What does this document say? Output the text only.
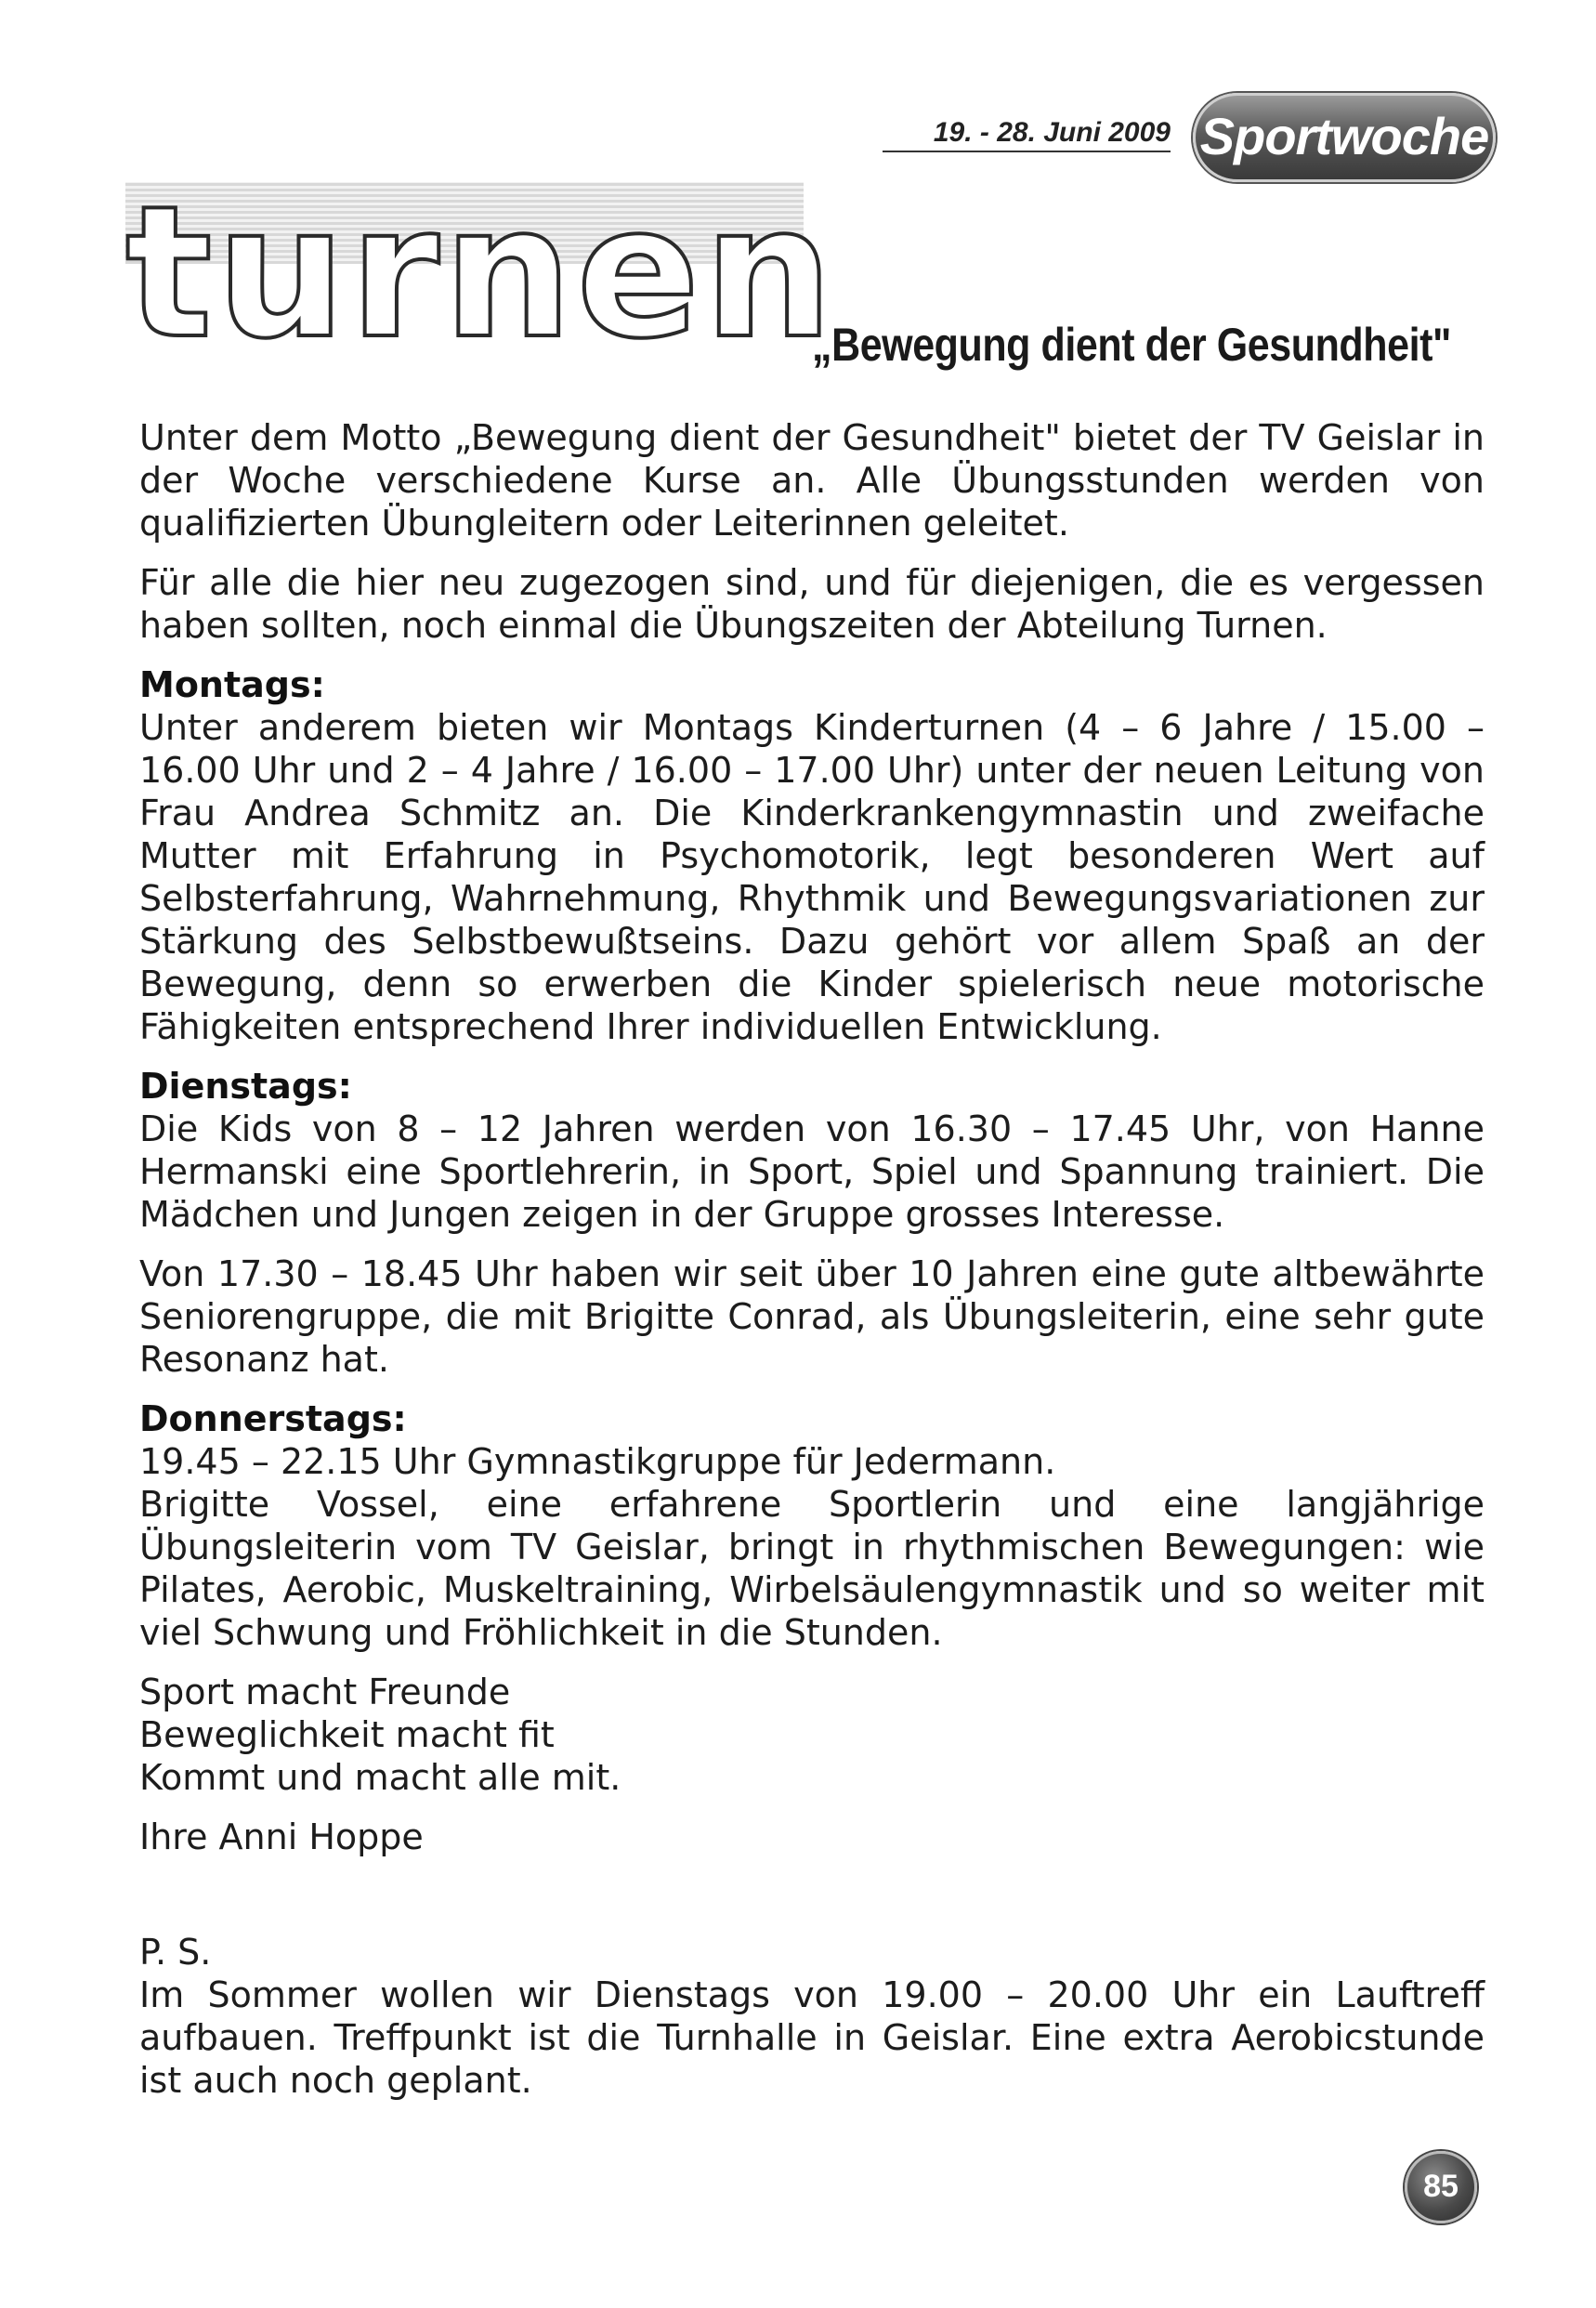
19. - 28. Juni 2009 Sportwoche
turnen
„Bewegung dient der Gesundheit"

Unter dem Motto „Bewegung dient der Gesundheit" bietet der TV Geislar in der Woche verschiedene Kurse an. Alle Übungsstunden werden von qualifizierten Übungleitern oder Leiterinnen geleitet.

Für alle die hier neu zugezogen sind, und für diejenigen, die es vergessen haben sollten, noch einmal die Übungszeiten der Abteilung Turnen.

Montags:

Unter anderem bieten wir Montags Kinderturnen (4 – 6 Jahre / 15.00 – 16.00 Uhr und 2 – 4 Jahre / 16.00 – 17.00 Uhr) unter der neuen Leitung von Frau Andrea Schmitz an. Die Kinderkrankengymnastin und zweifache Mutter mit Erfahrung in Psychomotorik, legt besonderen Wert auf Selbsterfahrung, Wahrnehmung, Rhythmik und Bewegungsvariationen zur Stärkung des Selbstbewußtseins. Dazu gehört vor allem Spaß an der Bewegung, denn so erwerben die Kinder spielerisch neue motorische Fähigkeiten entsprechend Ihrer individuellen Entwicklung.

Dienstags:

Die Kids von 8 – 12 Jahren werden von 16.30 – 17.45 Uhr, von Hanne Hermanski eine Sportlehrerin, in Sport, Spiel und Spannung trainiert. Die Mädchen und Jungen zeigen in der Gruppe grosses Interesse.

Von 17.30 – 18.45 Uhr haben wir seit über 10 Jahren eine gute altbewährte Seniorengruppe, die mit Brigitte Conrad, als Übungsleiterin, eine sehr gute Resonanz hat.

Donnerstags:

19.45 – 22.15 Uhr Gymnastikgruppe für Jedermann.

Brigitte Vossel, eine erfahrene Sportlerin und eine langjährige Übungsleiterin vom TV Geislar, bringt in rhythmischen Bewegungen: wie Pilates, Aerobic, Muskeltraining, Wirbelsäulengymnastik und so weiter mit viel Schwung und Fröhlichkeit in die Stunden.

Sport macht Freunde

Beweglichkeit macht fit

Kommt und macht alle mit.

Ihre Anni Hoppe

P. S.

Im Sommer wollen wir Dienstags von 19.00 – 20.00 Uhr ein Lauftreff aufbauen. Treffpunkt ist die Turnhalle in Geislar. Eine extra Aerobicstunde ist auch noch geplant.

85
